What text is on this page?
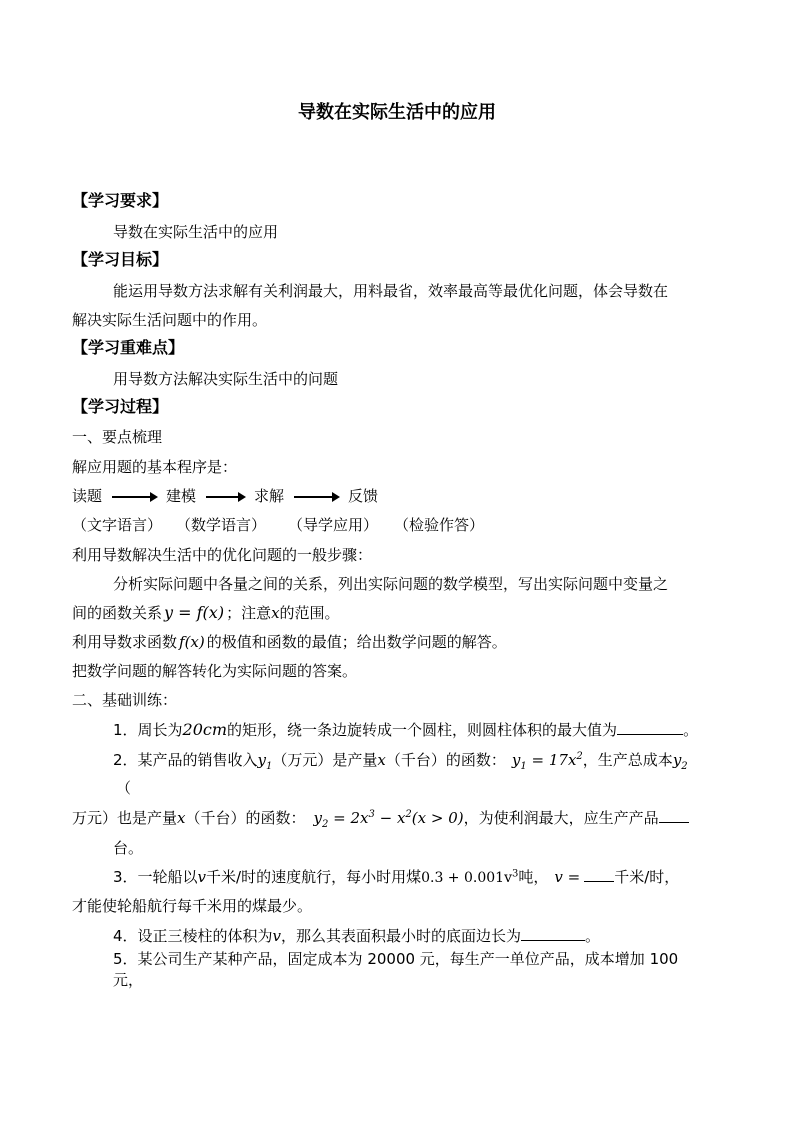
导数在实际生活中的应用
【学习要求】
导数在实际生活中的应用
【学习目标】
能运用导数方法求解有关利润最大，用料最省，效率最高等最优化问题，体会导数在
解决实际生活问题中的作用。
【学习重难点】
用导数方法解决实际生活中的问题
【学习过程】
一、要点梳理
解应用题的基本程序是：
读题	建模	求解	反馈
（文字语言） （数学语言） （导学应用） （检验作答）
利用导数解决生活中的优化问题的一般步骤：
分析实际问题中各量之间的关系，列出实际问题的数学模型，写出实际问题中变量之
间的函数关系 y = f(x) ；注意x的范围。
利用导数求函数 f(x) 的极值和函数的最值；给出数学问题的解答。
把数学问题的解答转化为实际问题的答案。
二、基础训练：
1．周长为20cm的矩形，绕一条边旋转成一个圆柱，则圆柱体积的最大值为	。
2．某产品的销售收入$y_1$（万元）是产量x（千台）的函数： $y_1 = 17x^2$，生产总成本$y_2$
（
万元）也是产量x（千台）的函数： $y_2 = 2x^3 - x^2(x > 0)$，为使利润最大，应生产产品
台。
3．一轮船以v千米/时的速度航行，每小时用煤$0.3 + 0.001v^3$吨， v = 千米/时，
才能使轮船航行每千米用的煤最少。
4．设正三棱柱的体积为v，那么其表面积最小时的底面边长为	。
5．某公司生产某种产品，固定成本为 20000 元，每生产一单位产品，成本增加 100
元，
